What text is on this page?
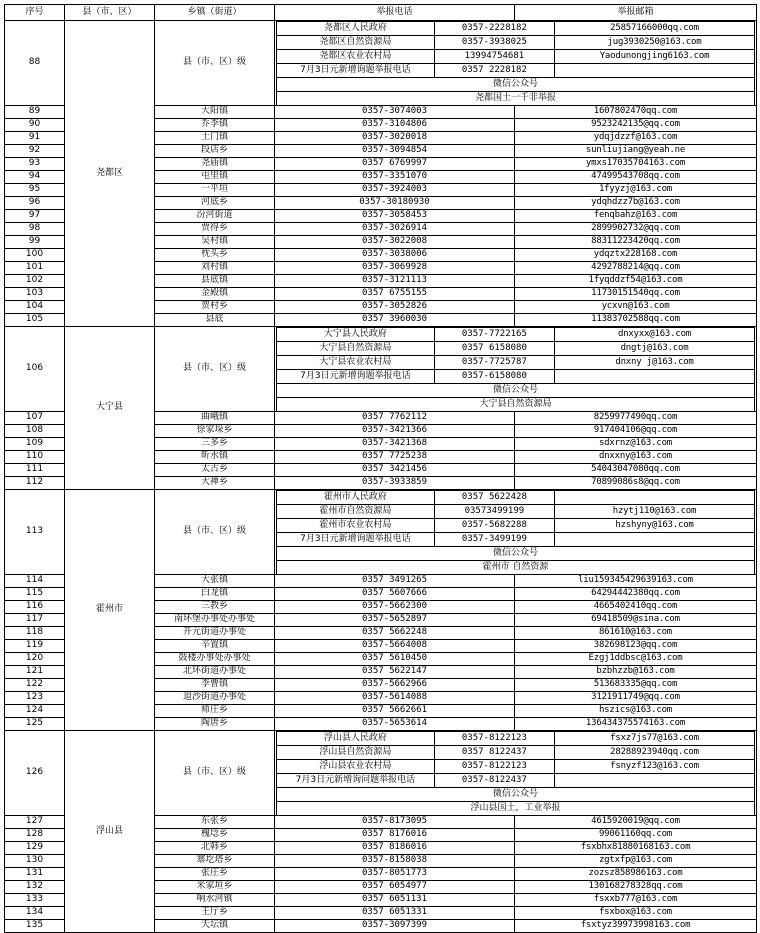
序号	县（市、区）	乡镇（街道）	举报电话	举报邮箱
88	尧都区	县（市、区）级	
尧都区人民政府	0357-2228182	25857166000qq.com
尧都区自然资源局	0357-3938025	jug3930250@163.com
尧都区农业农村局	13994754681	Yaodunongjing6163.com
7月3日元新增询题举报电话	0357 2228182	
微信公众号
尧都国土一千非举报

89	大阳镇	0357-3074003	1607802470qq.com
90	乔李镇	0357-3104806	9523242135@qq.com
91	土门镇	0357-3020018	ydqjdzzf@163.com
92	段店乡	0357-3094854	sunliujiang@yeah.ne
93	尧庙镇	0357 6769997	ymxs17035704163.com
94	屯里镇	0357-3351070	47499543708qq.com
95	一平垣	0357-3924003	1fyyzj@163.com
96	河底乡	0357-30180930	ydqhdzz7b@163.com
97	汾河街道	0357-3058453	fenqbahz@163.com
98	贾得乡	0357-3026914	2899902732@qq.com
99	吴村镇	0357-3022008	88311223420qq.com
100	枕头乡	0357-3038006	ydqztx228168.com
101	刘村镇	0357-3069928	4292788214@qq.com
102	县底镇	0357-3121113	1fyqddzf54@163.com
103	金殿镇	0357 6755155	11730151540qq.com
104	贺村乡	0357-3052826	ycxvn@163.com
105	县底	0357 3960030	11383702588qq.com
106	大宁县	县（市、区）级	
大宁县人民政府	0357-7722165	dnxyxx@163.com
大宁县自然资源局	0357 6158080	dngtj@163.com
大宁县农业农村局	0357-7725787	dnxny j@163.com
7月3日元新增询题举报电话	0357-6158080	
微信公众号
大宁县自然资源局

107	曲峨镇	0357 7762112	8259977490qq.com
108	徐家垛乡	0357-3421366	917404106@qq.com
109	三多乡	0357-3421368	sdxrnz@163.com
110	昕水镇	0357 7725238	dnxxny@163.com
111	太古乡	0357 3421456	54043047080qq.com
112	大禅乡	0357-3933859	70899086s8@qq.com
113	霍州市	县（市、区）级	
霍州市人民政府	0357 5622428	
霍州市自然资源局	03573499199	hzytj110@163.com
霍州市农业农村局	0357-5682288	hzshyny@163.com
7月3日元新增询题举报电话	0357-3499199	
微信公众号
霍州市 自然资源

114	大张镇	0357 3491265	liu159345429639163.com
115	白龙镇	0357 5607666	64294442380qq.com
116	三教乡	0357-5662300	4665402410qq.com
117	南环堡办事处办事处	0357-5652897	69418509@sina.com
118	开元街道办事处	0357 5662248	861610@163.com
119	辛置镇	0357-5664008	382698123@qq.com
120	鼓楼办事处办事处	0357 5610450	Ezgj1ddbsc@163.com
121	北环街道办事处	0357 5622147	bzbhzzb@163.com
122	李曹镇	0357-5662966	513683335@qq.com
123	退沙街道办事处	0357-5614088	3121911749@qq.com
124	师庄乡	0357 5662661	hszics@163.com
125	陶唐乡	0357-5653614	136434375574163.com
126	浮山县	县（市、区）级	
浮山县人民政府	0357-8122123	fsxz7js77@163.com
浮山县自然资源局	0357 8122437	28288923940qq.com
浮山县农业农村局	0357-8122123	fsnyzf123@163.com
7月3日元新增询问题举报电话	0357-8122437	
微信公众号
浮山县国土，工业举报

127	东张乡	0357-8173095	4615920019@qq.com
128	槐埝乡	0357 8176016	99061160qq.com
129	北韩乡	0357 8186016	fsxbhx81880168163.com
130	寨圪塔乡	0357-8158038	zgtxfp@163.com
131	张庄乡	0357-8051773	zozsz858986163.com
132	米家垣乡	0357 6054977	130168278328qq.com
133	响水河镇	0357 6051131	fsxxb777@163.com
134	王厅乡	0357 6051331	fsxbox@163.com
135	天坛镇	0357-3097399	fsxtyz39973998163.com
